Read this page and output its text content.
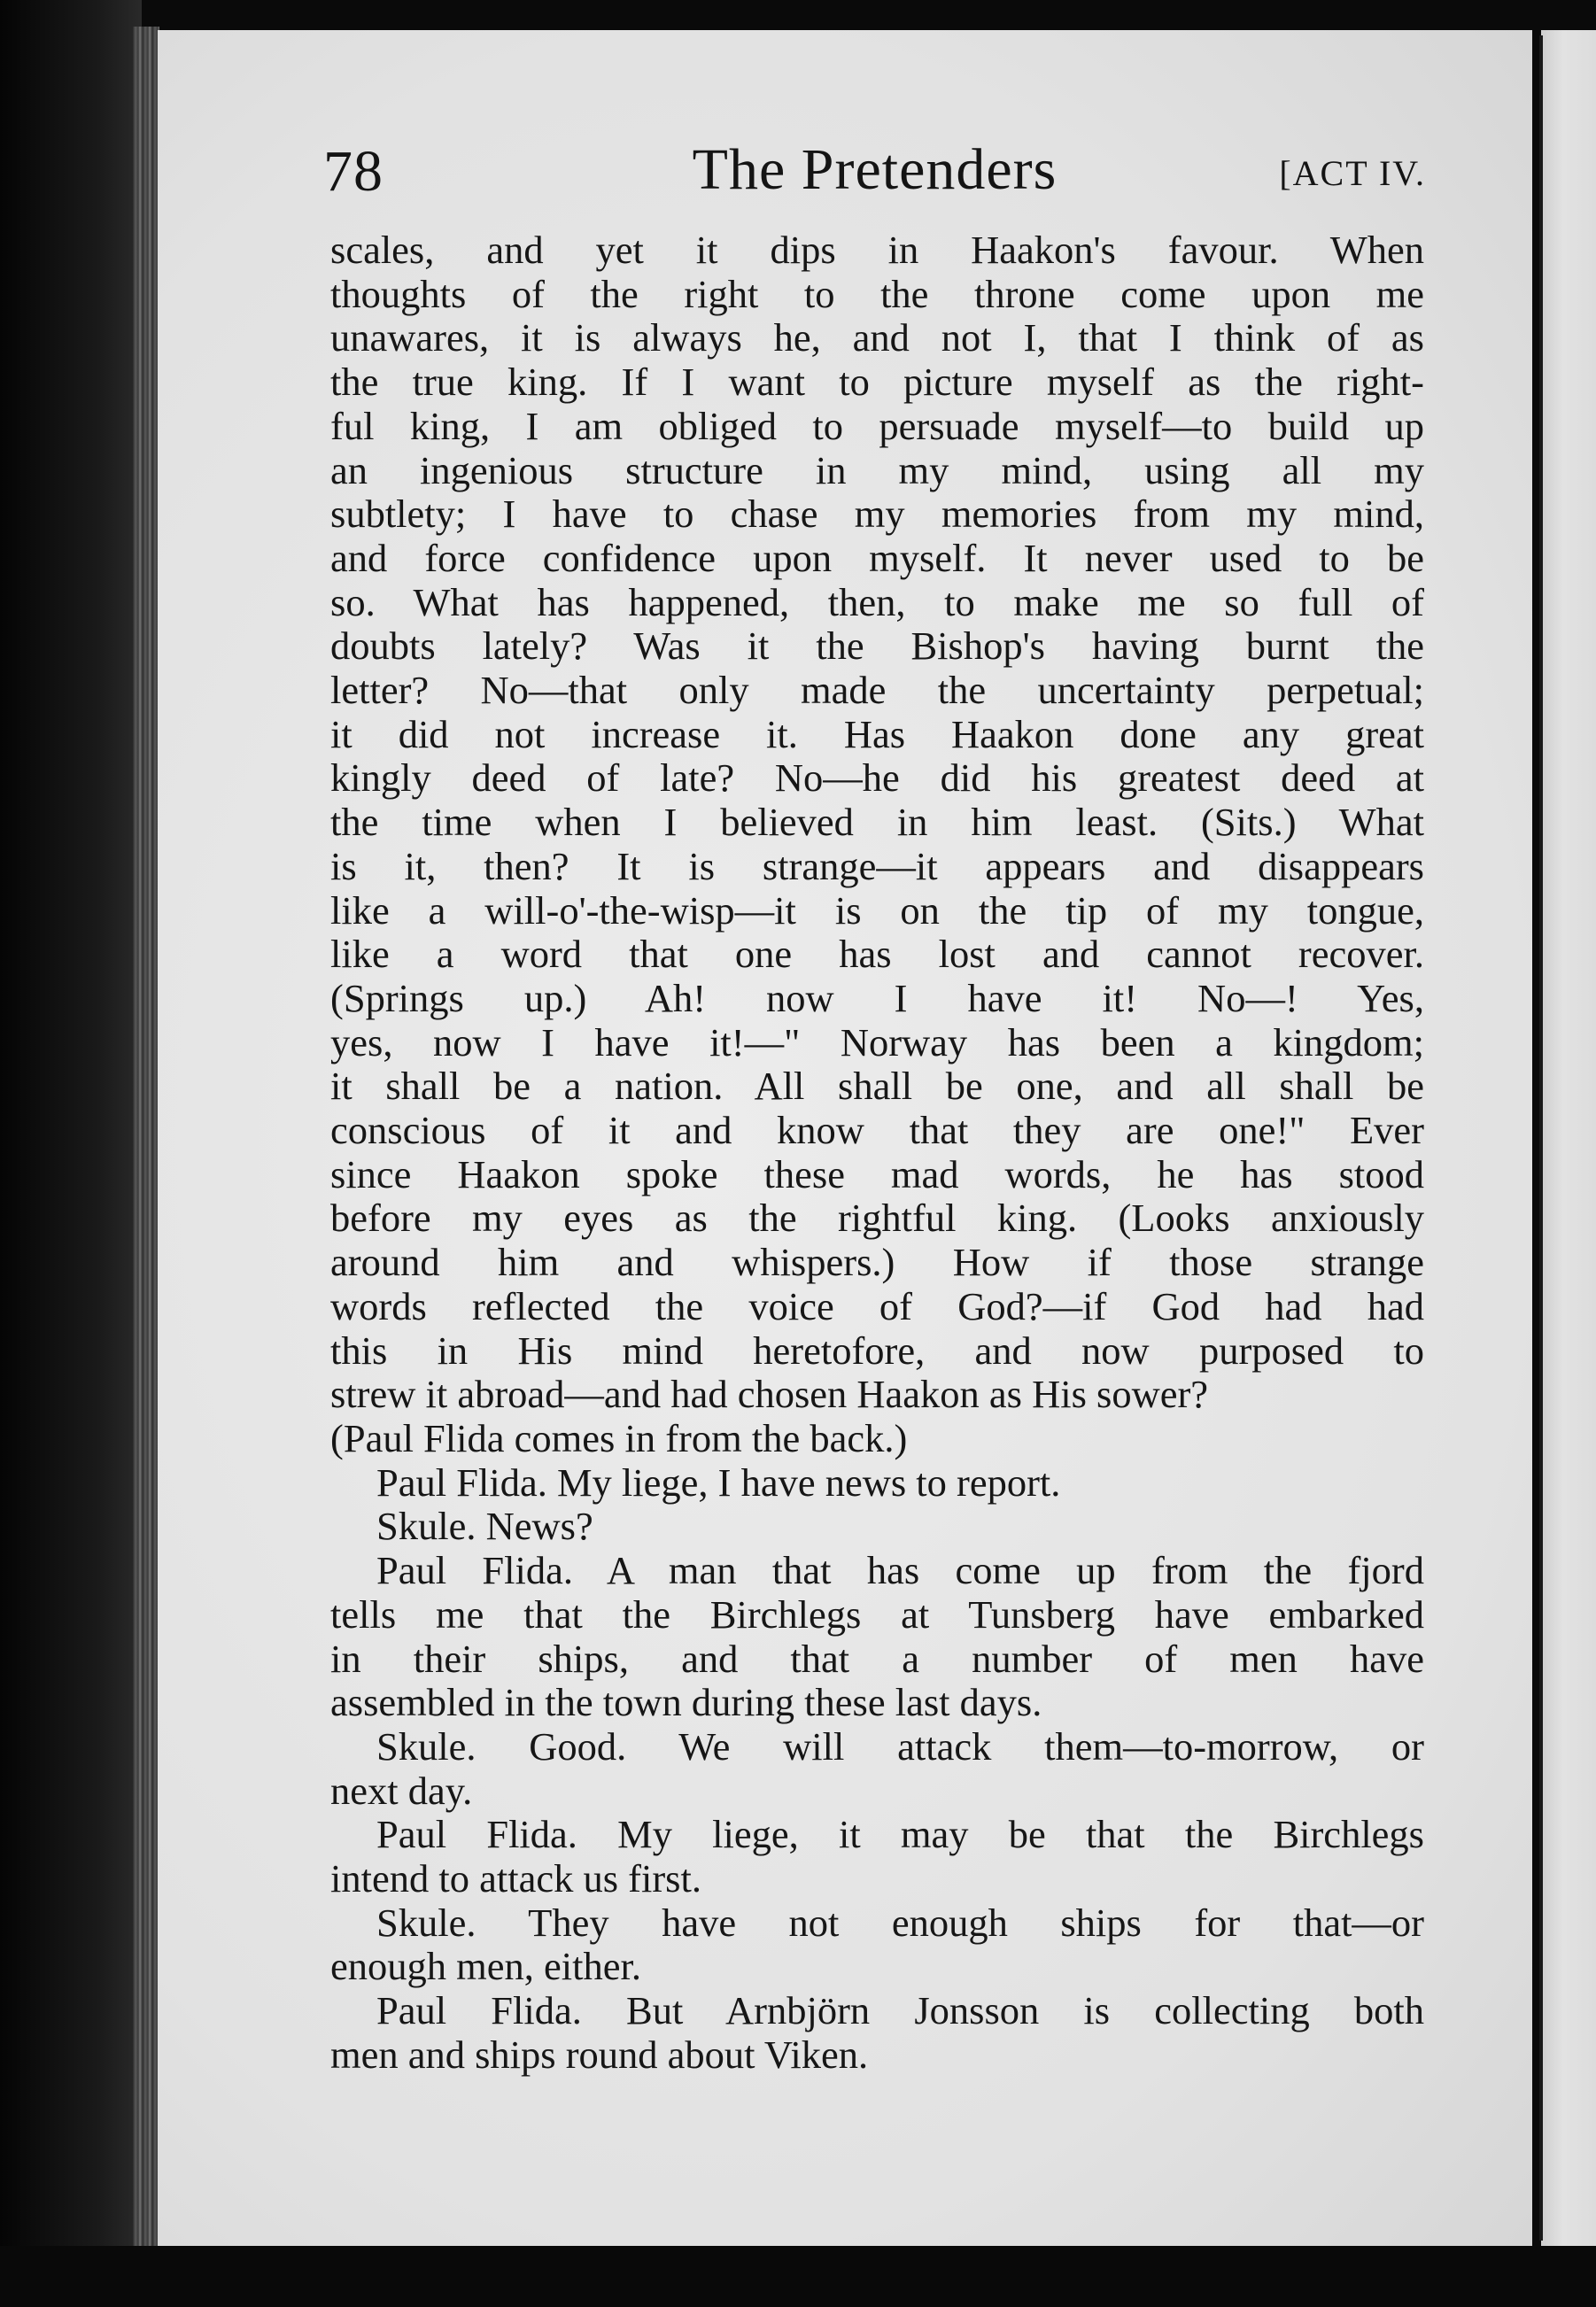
78	The Pretenders	[ACT IV.
scales, and yet it dips in Haakon's favour. When
thoughts of the right to the throne come upon me
unawares, it is always he, and not I, that I think of as
the true king. If I want to picture myself as the right-
ful king, I am obliged to persuade myself—to build up
an ingenious structure in my mind, using all my
subtlety; I have to chase my memories from my mind,
and force confidence upon myself. It never used to be
so. What has happened, then, to make me so full of
doubts lately? Was it the Bishop's having burnt the
letter? No—that only made the uncertainty perpetual;
it did not increase it. Has Haakon done any great
kingly deed of late? No—he did his greatest deed at
the time when I believed in him least. (Sits.) What
is it, then? It is strange—it appears and disappears
like a will-o'-the-wisp—it is on the tip of my tongue,
like a word that one has lost and cannot recover.
(Springs up.) Ah! now I have it! No—! Yes,
yes, now I have it!—" Norway has been a kingdom;
it shall be a nation. All shall be one, and all shall be
conscious of it and know that they are one!" Ever
since Haakon spoke these mad words, he has stood
before my eyes as the rightful king. (Looks anxiously
around him and whispers.) How if those strange
words reflected the voice of God?—if God had had
this in His mind heretofore, and now purposed to
strew it abroad—and had chosen Haakon as His sower?
(Paul Flida comes in from the back.)
Paul Flida. My liege, I have news to report.
Skule. News?
Paul Flida. A man that has come up from the fjord
tells me that the Birchlegs at Tunsberg have embarked
in their ships, and that a number of men have
assembled in the town during these last days.
Skule. Good. We will attack them—to-morrow, or
next day.
Paul Flida. My liege, it may be that the Birchlegs
intend to attack us first.
Skule. They have not enough ships for that—or
enough men, either.
Paul Flida. But Arnbjörn Jonsson is collecting both
men and ships round about Viken.
